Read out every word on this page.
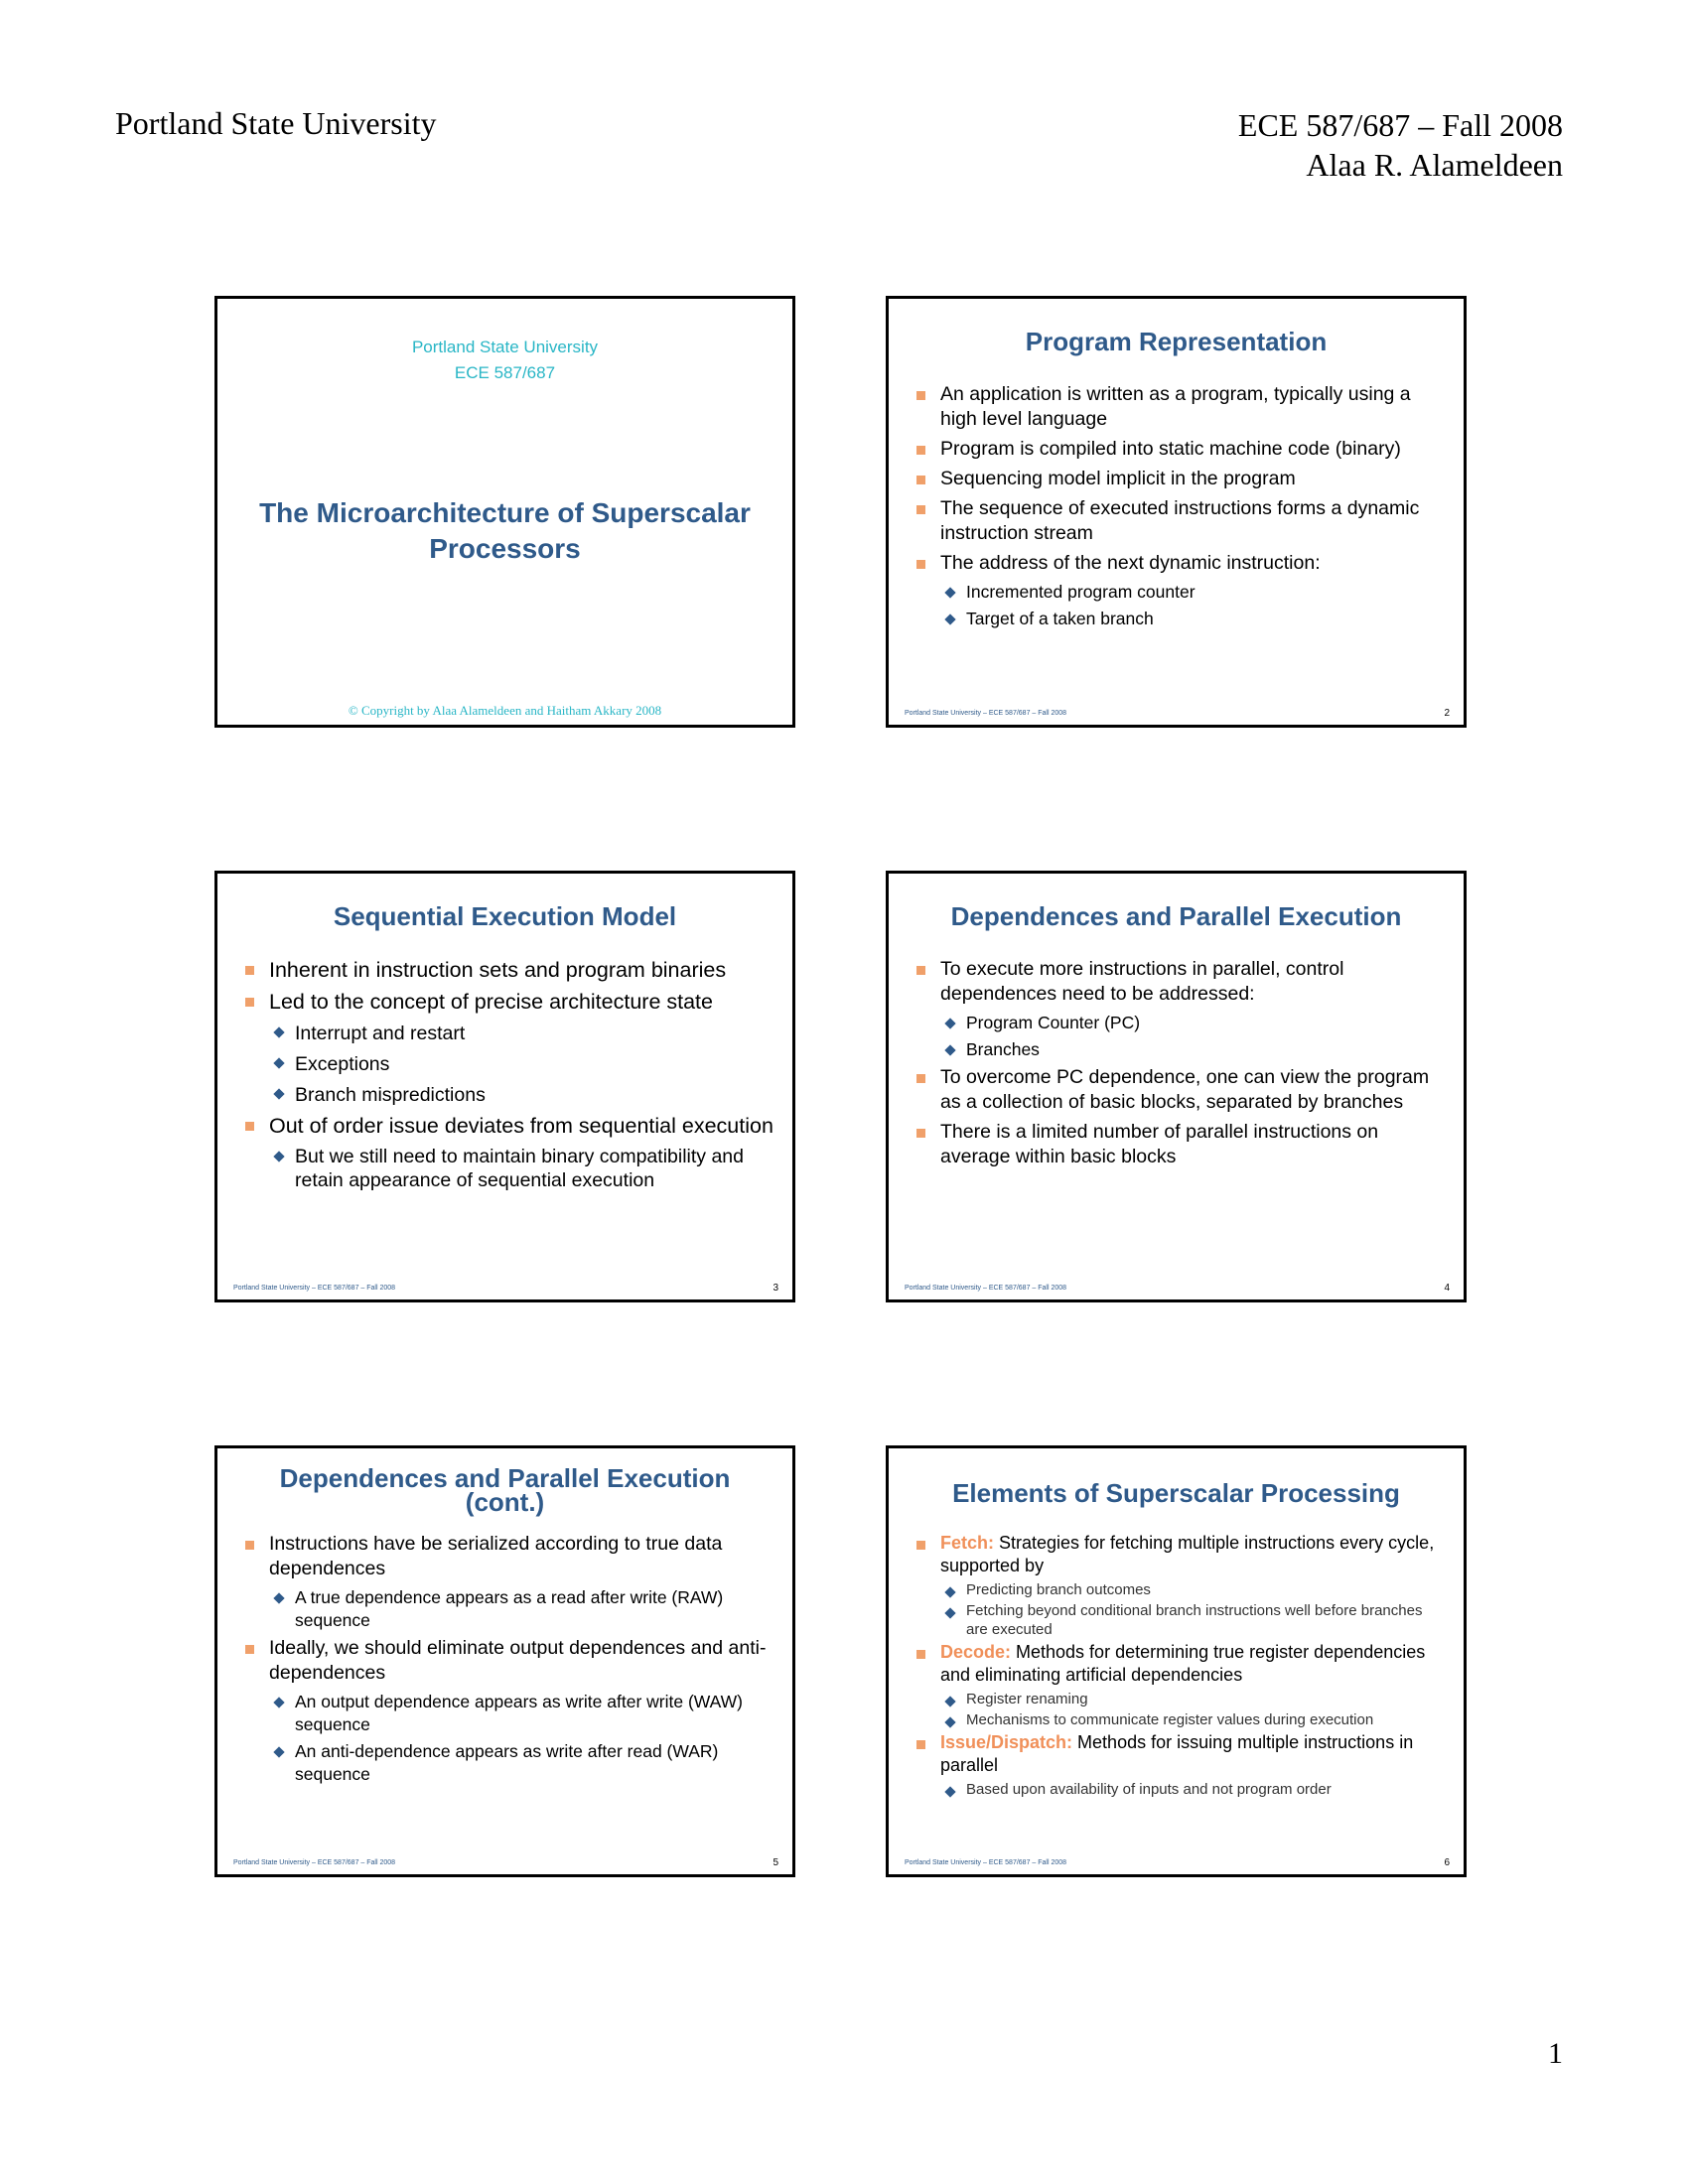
Portland State University	ECE 587/687 – Fall 2008
Alaa R. Alameldeen
Portland State University
ECE 587/687
The Microarchitecture of Superscalar Processors
© Copyright by Alaa Alameldeen and Haitham Akkary 2008
Program Representation
An application is written as a program, typically using a high level language
Program is compiled into static machine code (binary)
Sequencing model implicit in the program
The sequence of executed instructions forms a dynamic instruction stream
The address of the next dynamic instruction:
Incremented program counter
Target of a taken branch
Portland State University – ECE 587/687 – Fall 2008	2
Sequential Execution Model
Inherent in instruction sets and program binaries
Led to the concept of precise architecture state
Interrupt and restart
Exceptions
Branch mispredictions
Out of order issue deviates from sequential execution
But we still need to maintain binary compatibility and retain appearance of sequential execution
Portland State University – ECE 587/687 – Fall 2008	3
Dependences and Parallel Execution
To execute more instructions in parallel, control dependences need to be addressed:
Program Counter (PC)
Branches
To overcome PC dependence, one can view the program as a collection of basic blocks, separated by branches
There is a limited number of parallel instructions on average within basic blocks
Portland State University – ECE 587/687 – Fall 2008	4
Dependences and Parallel Execution
(cont.)
Instructions have be serialized according to true data dependences
A true dependence appears as a read after write (RAW) sequence
Ideally, we should eliminate output dependences and anti-dependences
An output dependence appears as write after write (WAW) sequence
An anti-dependence appears as write after read (WAR) sequence
Portland State University – ECE 587/687 – Fall 2008	5
Elements of Superscalar Processing
Fetch: Strategies for fetching multiple instructions every cycle, supported by
Predicting branch outcomes
Fetching beyond conditional branch instructions well before branches are executed
Decode: Methods for determining true register dependencies and eliminating artificial dependencies
Register renaming
Mechanisms to communicate register values during execution
Issue/Dispatch: Methods for issuing multiple instructions in parallel
Based upon availability of inputs and not program order
Portland State University – ECE 587/687 – Fall 2008	6
1
